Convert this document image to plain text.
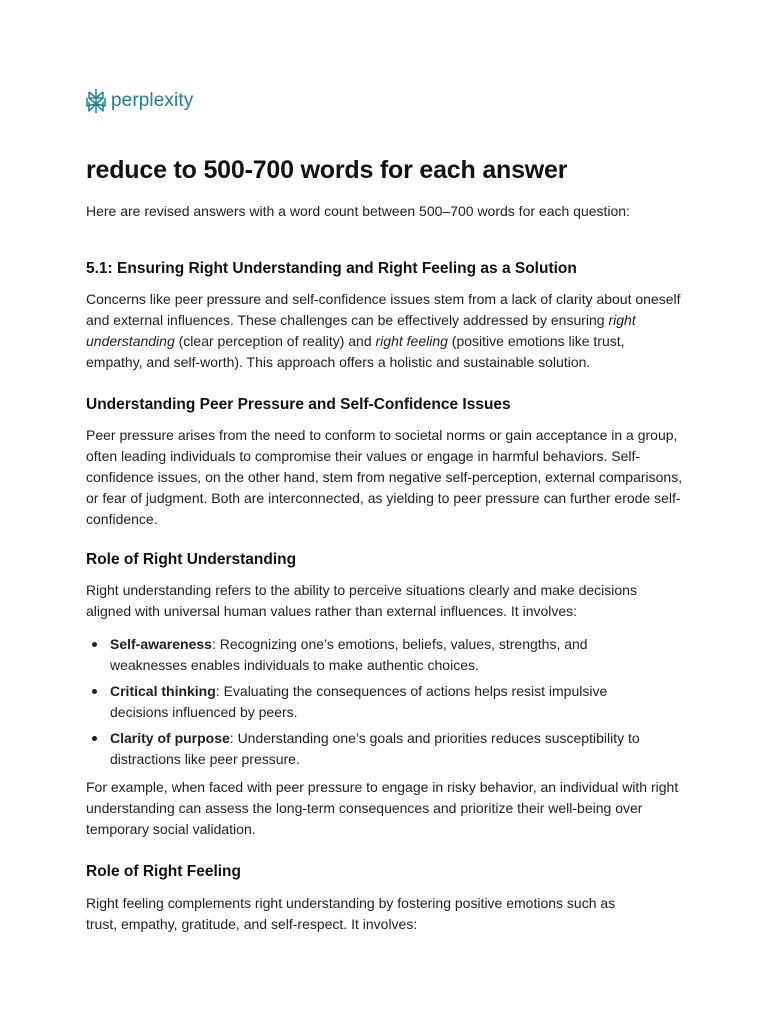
perplexity
reduce to 500-700 words for each answer

Here are revised answers with a word count between 500–700 words for each question:

5.1: Ensuring Right Understanding and Right Feeling as a Solution

Concerns like peer pressure and self-confidence issues stem from a lack of clarity about oneself and external influences. These challenges can be effectively addressed by ensuring right understanding (clear perception of reality) and right feeling (positive emotions like trust, empathy, and self-worth). This approach offers a holistic and sustainable solution.

Understanding Peer Pressure and Self-Confidence Issues

Peer pressure arises from the need to conform to societal norms or gain acceptance in a group, often leading individuals to compromise their values or engage in harmful behaviors. Self-confidence issues, on the other hand, stem from negative self-perception, external comparisons, or fear of judgment. Both are interconnected, as yielding to peer pressure can further erode self-confidence.

Role of Right Understanding

Right understanding refers to the ability to perceive situations clearly and make decisions aligned with universal human values rather than external influences. It involves:

Self-awareness: Recognizing one’s emotions, beliefs, values, strengths, and weaknesses enables individuals to make authentic choices.
Critical thinking: Evaluating the consequences of actions helps resist impulsive decisions influenced by peers.
Clarity of purpose: Understanding one’s goals and priorities reduces susceptibility to distractions like peer pressure.

For example, when faced with peer pressure to engage in risky behavior, an individual with right understanding can assess the long-term consequences and prioritize their well-being over temporary social validation.

Role of Right Feeling

Right feeling complements right understanding by fostering positive emotions such as trust, empathy, gratitude, and self-respect. It involves:
